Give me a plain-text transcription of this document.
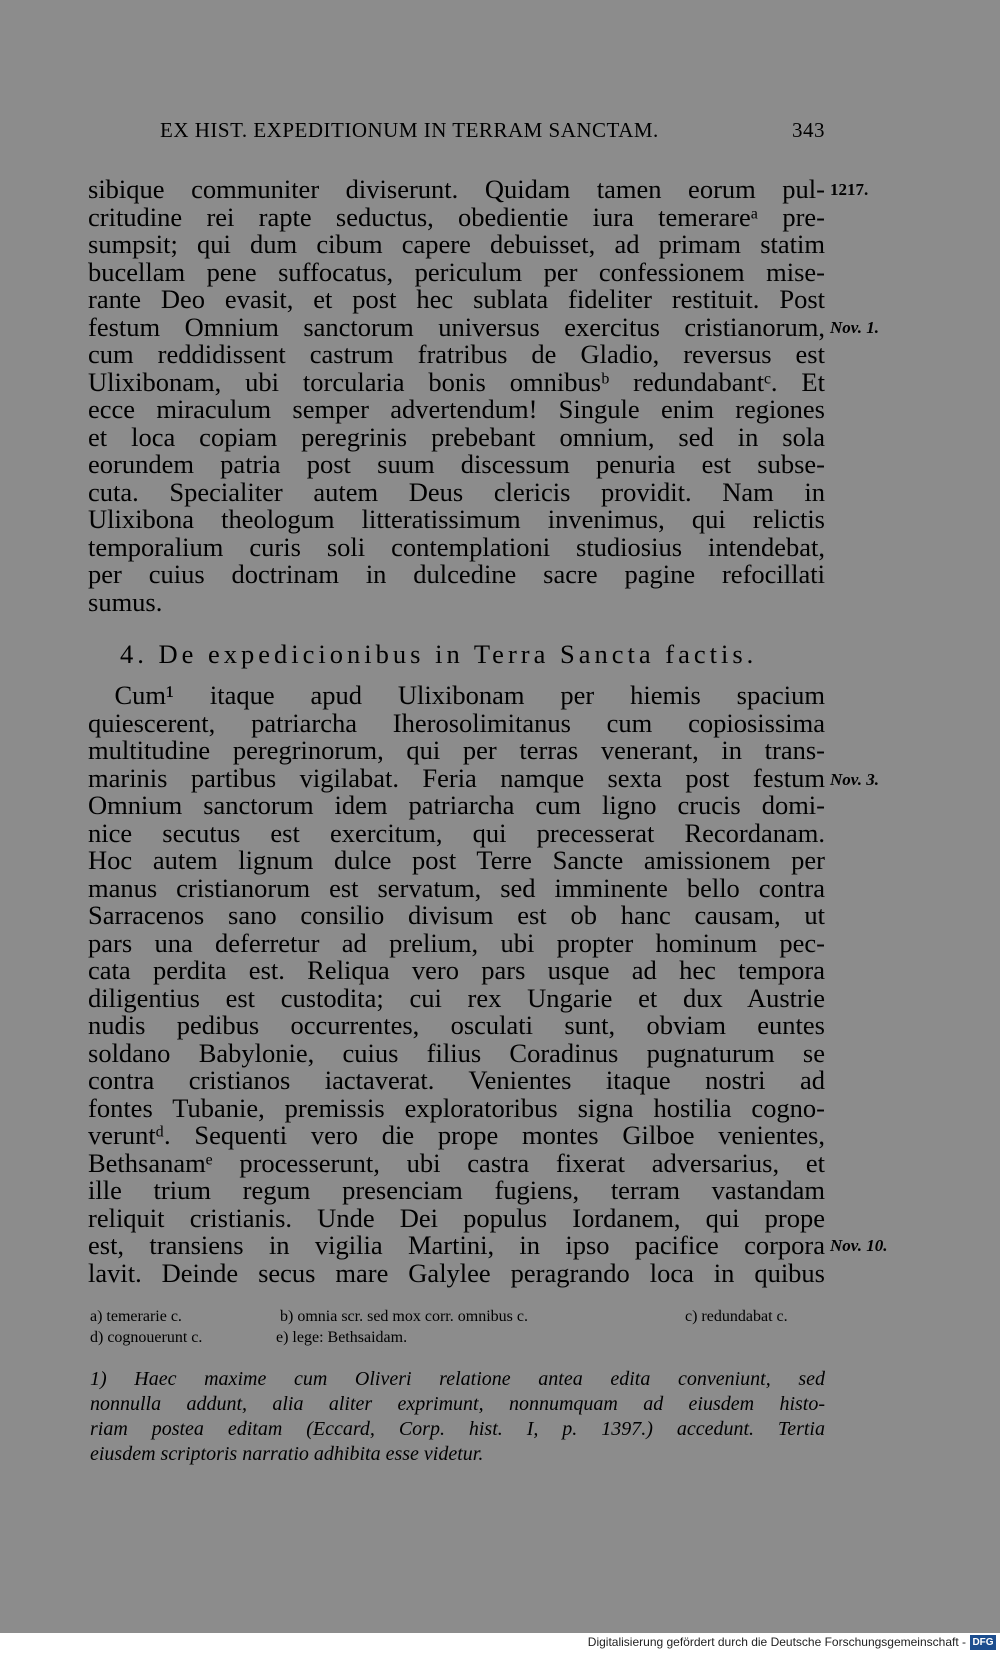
EX HIST. EXPEDITIONUM IN TERRAM SANCTAM.	343
sibique communiter diviserunt. Quidam tamen eorum pul-
critudine rei rapte seductus, obedientie iura temerareᵃ pre-
sumpsit; qui dum cibum capere debuisset, ad primam statim
bucellam pene suffocatus, periculum per confessionem mise-
rante Deo evasit, et post hec sublata fideliter restituit. Post
festum Omnium sanctorum universus exercitus cristianorum,
cum reddidissent castrum fratribus de Gladio, reversus est
Ulixibonam, ubi torcularia bonis omnibusᵇ redundabantᶜ. Et
ecce miraculum semper advertendum! Singule enim regiones
et loca copiam peregrinis prebebant omnium, sed in sola
eorundem patria post suum discessum penuria est subse-
cuta. Specialiter autem Deus clericis providit. Nam in
Ulixibona theologum litteratissimum invenimus, qui relictis
temporalium curis soli contemplationi studiosius intendebat,
per cuius doctrinam in dulcedine sacre pagine refocillati
sumus.
1217.
Nov. 1.
Nov. 3.
Nov. 10.
4. De expedicionibus in Terra Sancta factis.
 Cum¹ itaque apud Ulixibonam per hiemis spacium
quiescerent, patriarcha Iherosolimitanus cum copiosissima
multitudine peregrinorum, qui per terras venerant, in trans-
marinis partibus vigilabat. Feria namque sexta post festum
Omnium sanctorum idem patriarcha cum ligno crucis domi-
nice secutus est exercitum, qui precesserat Recordanam.
Hoc autem lignum dulce post Terre Sancte amissionem per
manus cristianorum est servatum, sed imminente bello contra
Sarracenos sano consilio divisum est ob hanc causam, ut
pars una deferretur ad prelium, ubi propter hominum pec-
cata perdita est. Reliqua vero pars usque ad hec tempora
diligentius est custodita; cui rex Ungarie et dux Austrie
nudis pedibus occurrentes, osculati sunt, obviam euntes
soldano Babylonie, cuius filius Coradinus pugnaturum se
contra cristianos iactaverat. Venientes itaque nostri ad
fontes Tubanie, premissis exploratoribus signa hostilia cogno-
veruntᵈ. Sequenti vero die prope montes Gilboe venientes,
Bethsanamᵉ processerunt, ubi castra fixerat adversarius, et
ille trium regum presenciam fugiens, terram vastandam
reliquit cristianis. Unde Dei populus Iordanem, qui prope
est, transiens in vigilia Martini, in ipso pacifice corpora
lavit. Deinde secus mare Galylee peragrando loca in quibus
a) temerarie c.	b) omnia scr. sed mox corr. omnibus c.	c) redundabat c.
d) cognouerunt c.	e) lege: Bethsaidam.
1) Haec maxime cum Oliveri relatione antea edita conveniunt, sed
nonnulla addunt, alia aliter exprimunt, nonnumquam ad eiusdem histo-
riam postea editam (Eccard, Corp. hist. I, p. 1397.) accedunt. Tertia
eiusdem scriptoris narratio adhibita esse videtur.
Digitalisierung gefördert durch die Deutsche Forschungsgemeinschaft - DFG
